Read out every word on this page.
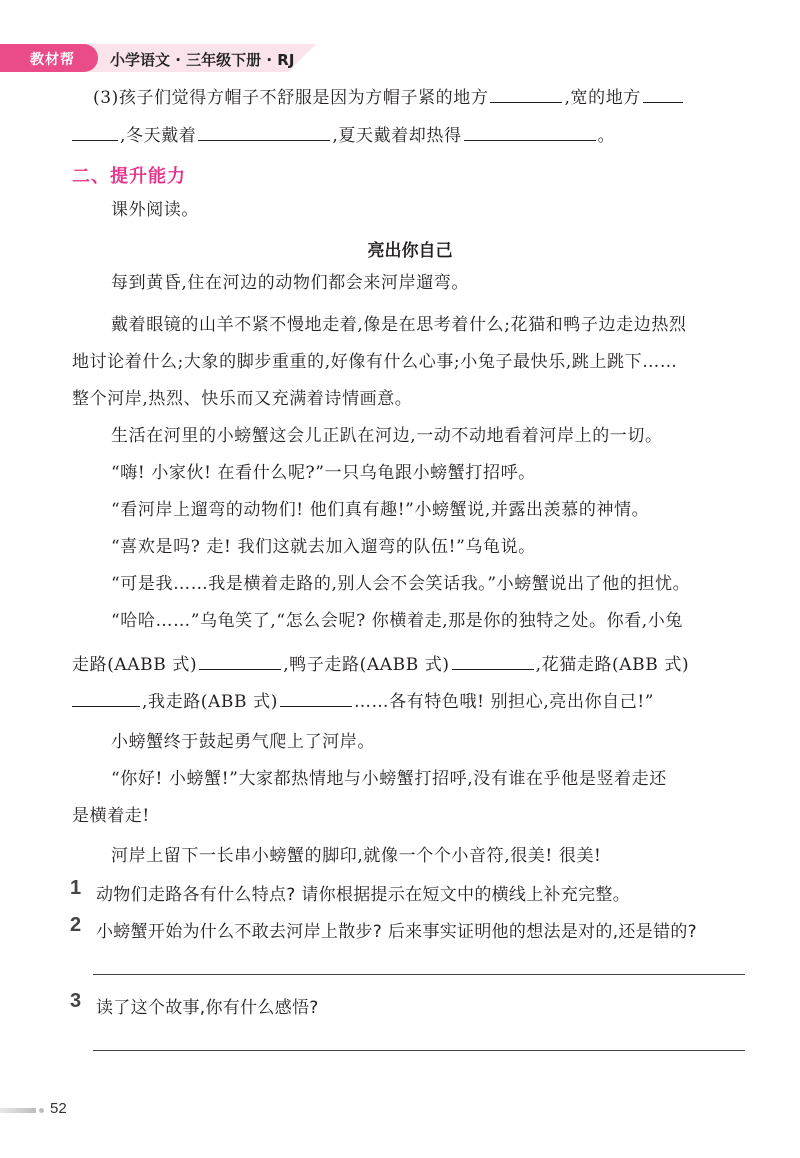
教材帮 小学语文 · 三年级下册 · RJ
(3)孩子们觉得方帽子不舒服是因为方帽子紧的地方	,宽的地方
,冬天戴着	,夏天戴着却热得	。
二、提升能力
课外阅读。
亮出你自己
每到黄昏,住在河边的动物们都会来河岸遛弯。
戴着眼镜的山羊不紧不慢地走着,像是在思考着什么;花猫和鸭子边走边热烈
地讨论着什么;大象的脚步重重的,好像有什么心事;小兔子最快乐,跳上跳下……
整个河岸,热烈、快乐而又充满着诗情画意。
生活在河里的小螃蟹这会儿正趴在河边,一动不动地看着河岸上的一切。
“嗨! 小家伙! 在看什么呢?”一只乌龟跟小螃蟹打招呼。
“看河岸上遛弯的动物们! 他们真有趣!”小螃蟹说,并露出羡慕的神情。
“喜欢是吗? 走! 我们这就去加入遛弯的队伍!”乌龟说。
“可是我……我是横着走路的,别人会不会笑话我。”小螃蟹说出了他的担忧。
“哈哈……”乌龟笑了,“怎么会呢? 你横着走,那是你的独特之处。你看,小兔
走路(AABB 式)	,鸭子走路(AABB 式)	,花猫走路(ABB 式)
,我走路(ABB 式)	……各有特色哦! 别担心,亮出你自己!”
小螃蟹终于鼓起勇气爬上了河岸。
“你好! 小螃蟹!”大家都热情地与小螃蟹打招呼,没有谁在乎他是竖着走还
是横着走!
河岸上留下一长串小螃蟹的脚印,就像一个个小音符,很美! 很美!
1 动物们走路各有什么特点? 请你根据提示在短文中的横线上补充完整。
2 小螃蟹开始为什么不敢去河岸上散步? 后来事实证明他的想法是对的,还是错的?
3 读了这个故事,你有什么感悟?
52
